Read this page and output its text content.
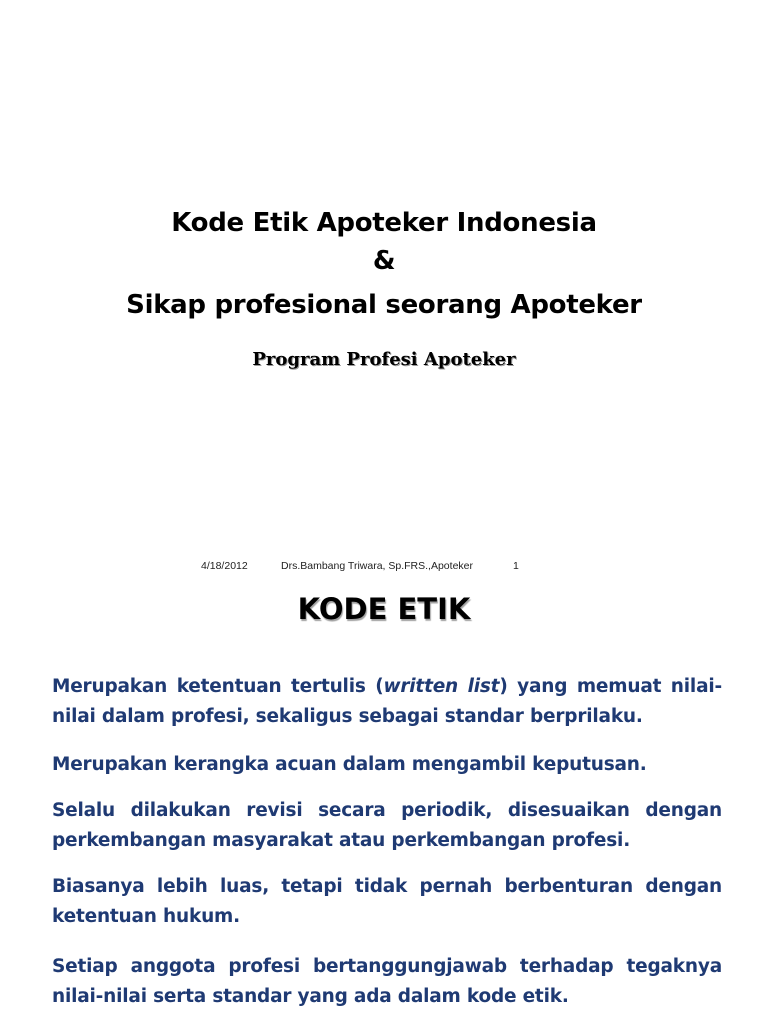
Kode Etik Apoteker Indonesia
&
Sikap profesional seorang Apoteker
Program Profesi Apoteker
4/18/2012	Drs.Bambang Triwara, Sp.FRS.,Apoteker	1
KODE ETIK
Merupakan ketentuan tertulis (written list) yang memuat nilai-nilai dalam profesi, sekaligus sebagai standar berprilaku.
Merupakan kerangka acuan dalam mengambil keputusan.
Selalu dilakukan revisi secara periodik, disesuaikan dengan perkembangan masyarakat atau perkembangan profesi.
Biasanya lebih luas, tetapi tidak pernah berbenturan dengan ketentuan hukum.
Setiap anggota profesi bertanggungjawab terhadap tegaknya nilai-nilai serta standar yang ada dalam kode etik.
